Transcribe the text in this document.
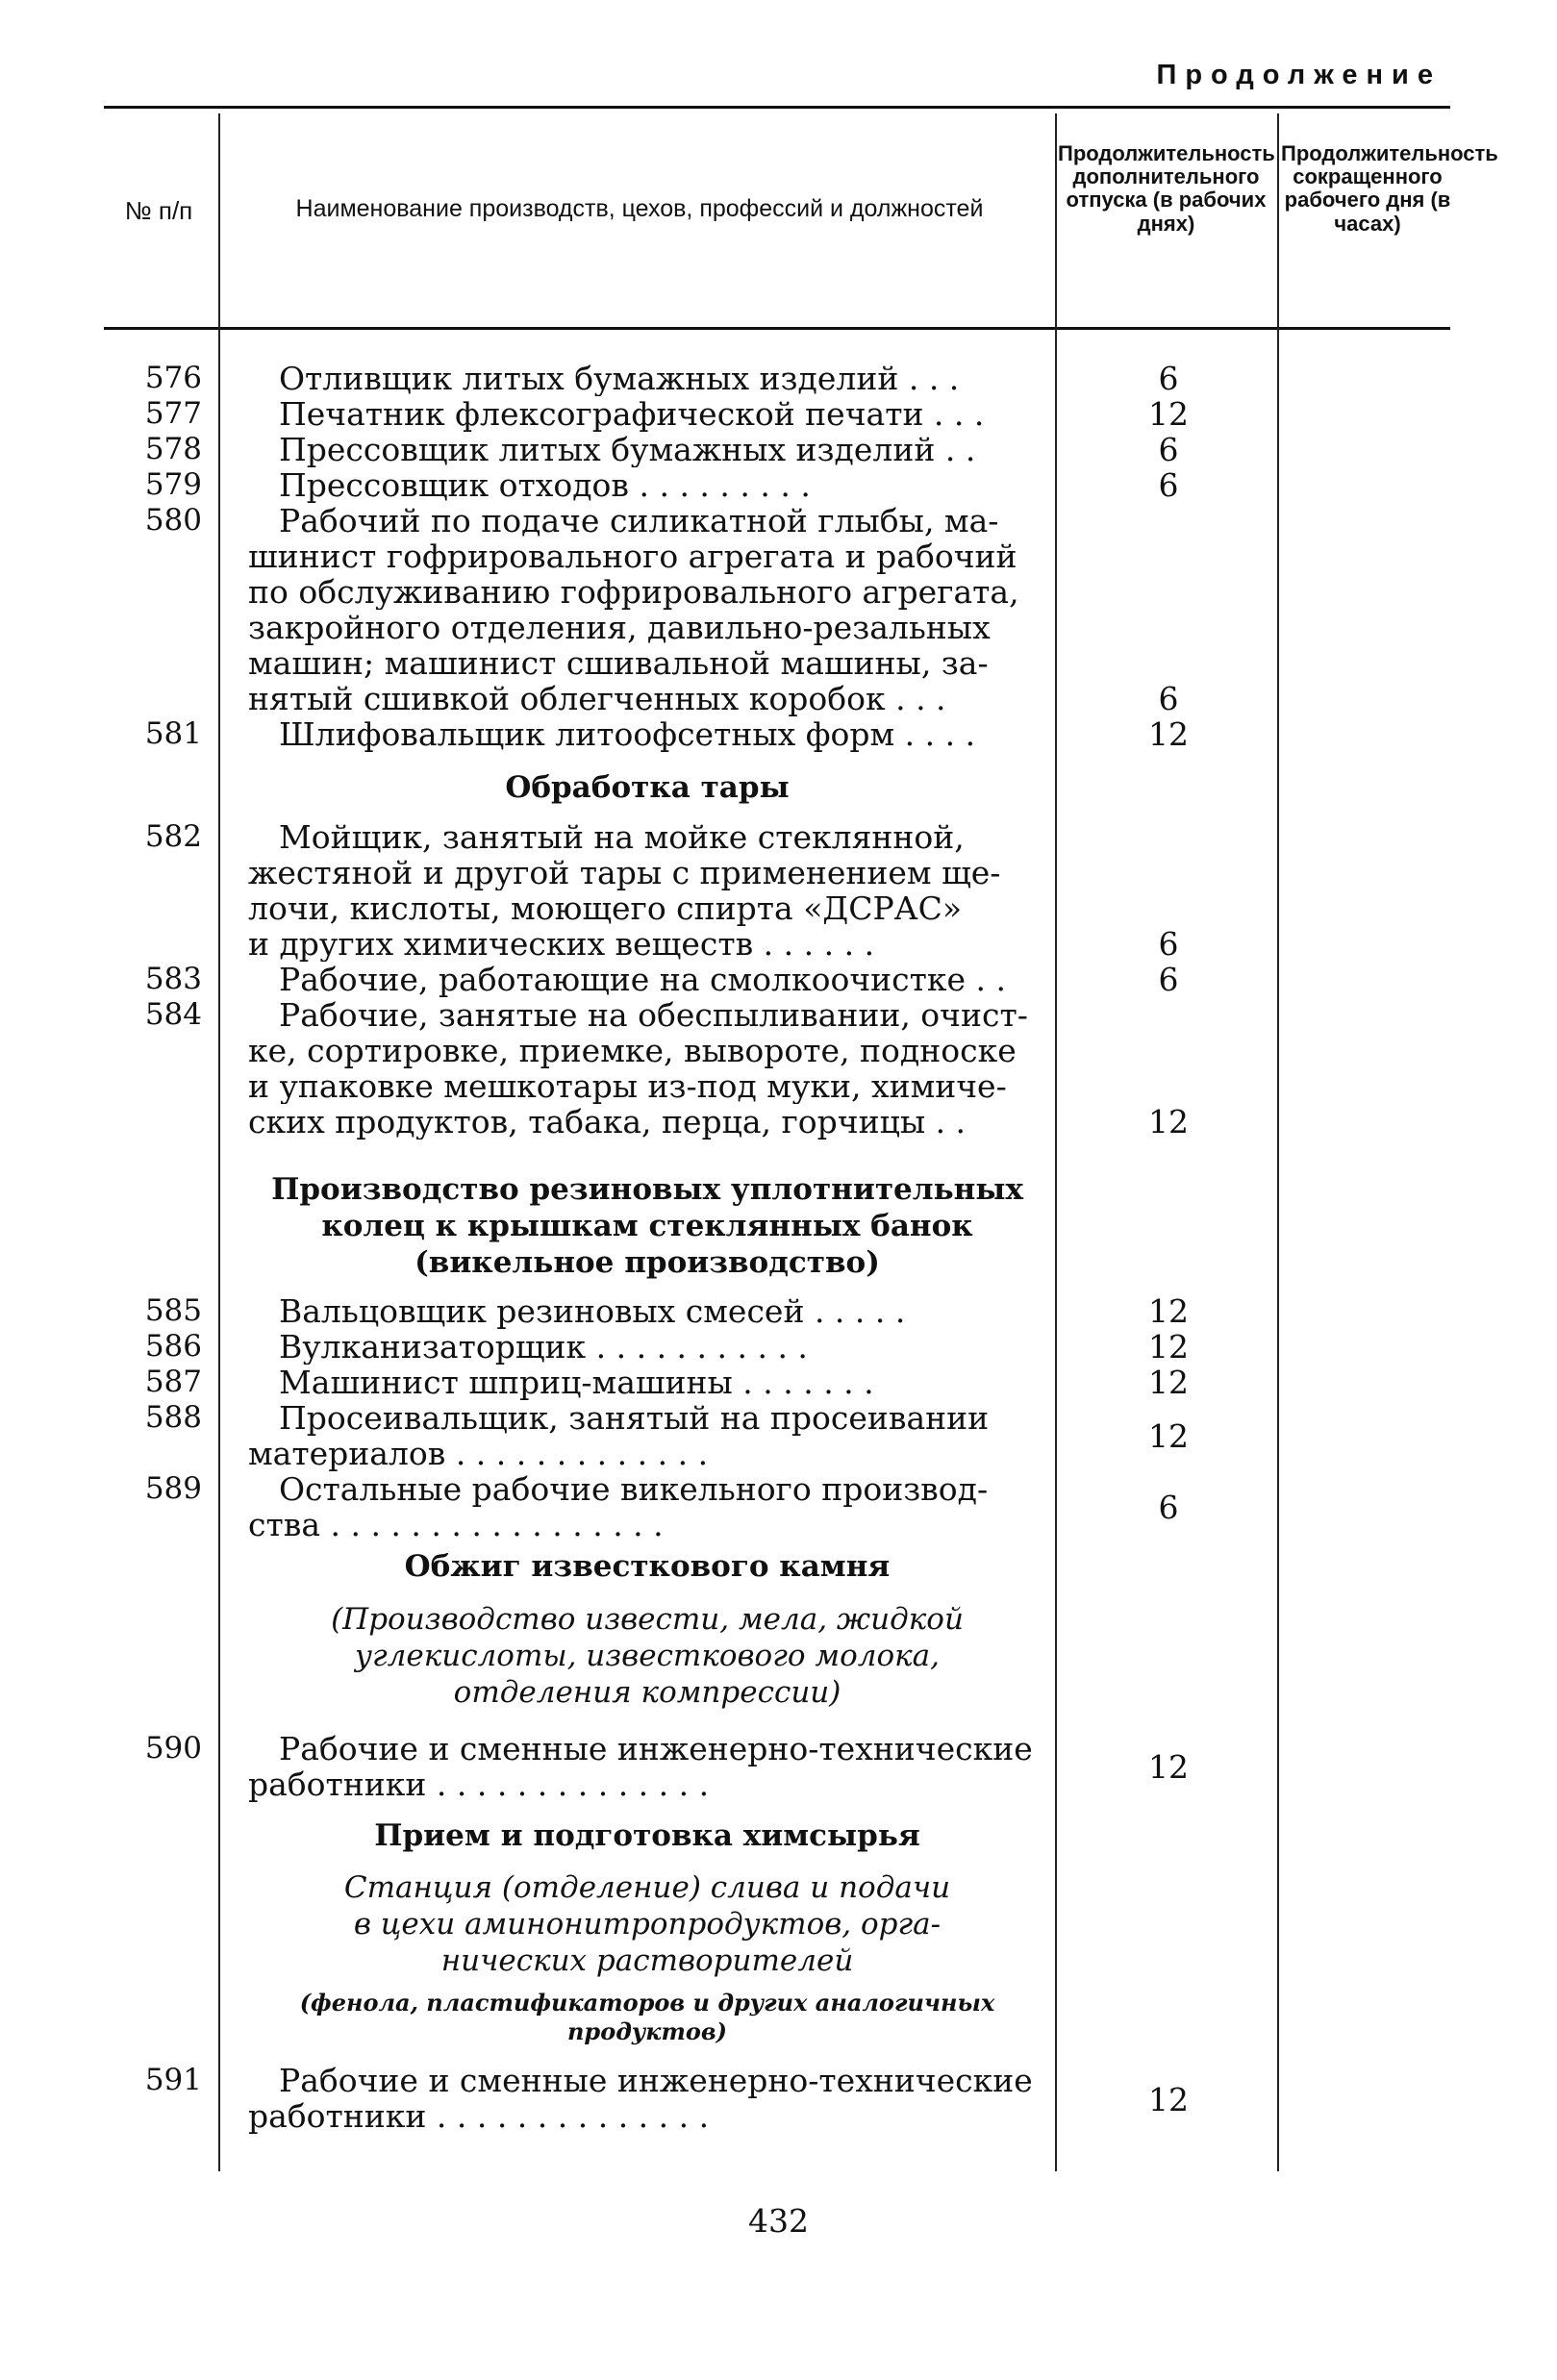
Продолжение
№ п/п	Наименование производств, цехов, профессий и должностей
Продолжительность дополнительного отпуска (в рабочих днях)
Продолжительность сокращенного рабочего дня (в часах)
576 Отливщик литых бумажных изделий . . .	6
577 Печатник флексографической печати . . .	12
578 Прессовщик литых бумажных изделий . .	6
579 Прессовщик отходов . . . . . . . . .	6
580	Рабочий по подаче силикатной глыбы, ма-
шинист гофрировального агрегата и рабочий
по обслуживанию гофрировального агрегата,
закройного отделения, давильно-резальных
машин; машинист сшивальной машины, за-
нятый сшивкой облегченных коробок . . .	6
581 Шлифовальщик литоофсетных форм . . . .	12
Обработка тары
582	Мойщик, занятый на мойке стеклянной,
жестяной и другой тары с применением ще-
лочи, кислоты, моющего спирта «ДСРАС»
и других химических веществ . . . . . .	6
583 Рабочие, работающие на смолкоочистке . .	6
584	Рабочие, занятые на обеспыливании, очист-
ке, сортировке, приемке, вывороте, подноске
и упаковке мешкотары из-под муки, химиче-
ских продуктов, табака, перца, горчицы . .	12
Производство резиновых уплотнительных
колец к крышкам стеклянных банок
(викельное производство)
585 Вальцовщик резиновых смесей . . . . .	12
586 Вулканизаторщик . . . . . . . . . . .	12
587 Машинист шприц-машины . . . . . . .	12
588	Просеивальщик, занятый на просеивании
материалов . . . . . . . . . . . . .	12
589	Остальные рабочие викельного производ-
ства . . . . . . . . . . . . . . . . .	6
Обжиг известкового камня
(Производство извести, мела, жидкой
углекислоты, известкового молока,
отделения компрессии)
590	Рабочие и сменные инженерно-технические
работники . . . . . . . . . . . . . .	12
Прием и подготовка химсырья
Станция (отделение) слива и подачи
в цехи аминонитропродуктов, орга-
нических растворителей
(фенола, пластификаторов и других аналогичных
продуктов)
591	Рабочие и сменные инженерно-технические
работники . . . . . . . . . . . . . .	12
432
